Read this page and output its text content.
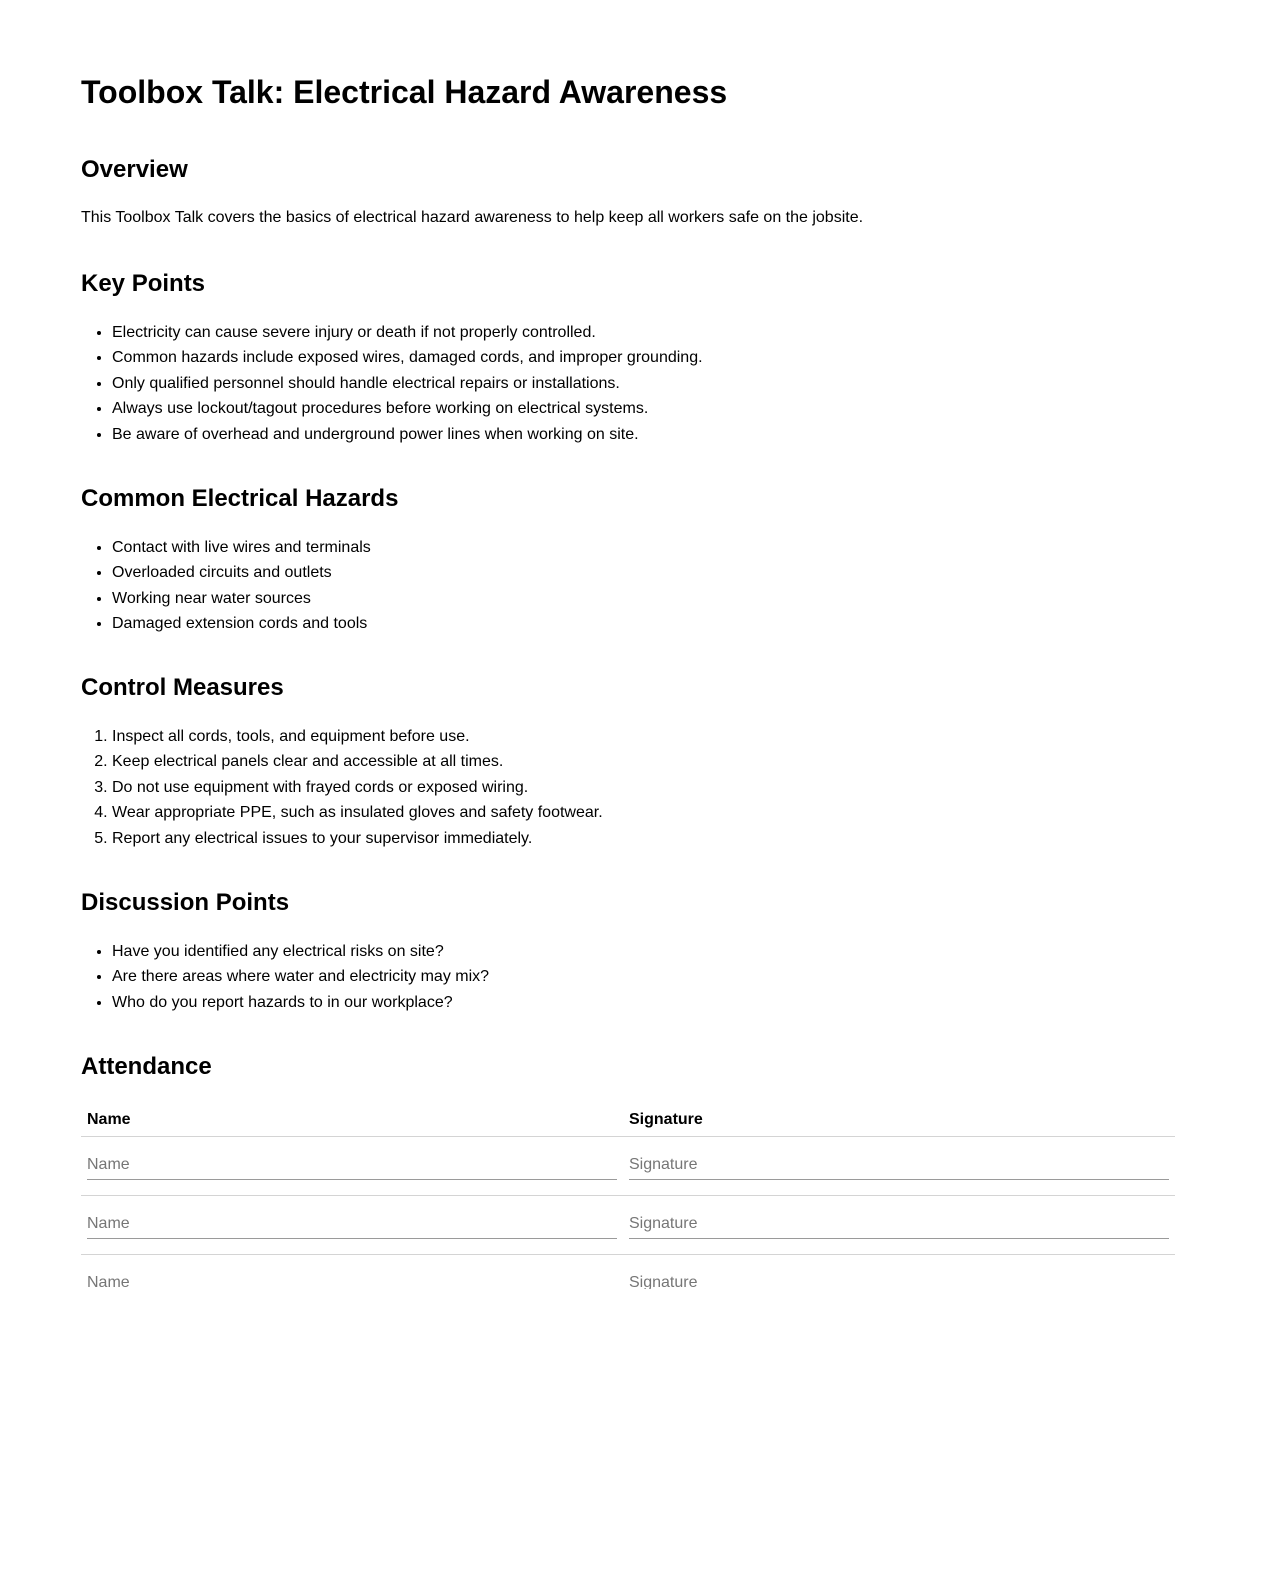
Toolbox Talk: Electrical Hazard Awareness
Overview

This Toolbox Talk covers the basics of electrical hazard awareness to help keep all workers safe on the jobsite.

Key Points
• Electricity can cause severe injury or death if not properly controlled.
• Common hazards include exposed wires, damaged cords, and improper grounding.
• Only qualified personnel should handle electrical repairs or installations.
• Always use lockout/tagout procedures before working on electrical systems.
• Be aware of overhead and underground power lines when working on site.
Common Electrical Hazards
• Contact with live wires and terminals
• Overloaded circuits and outlets
• Working near water sources
• Damaged extension cords and tools
Control Measures
1. Inspect all cords, tools, and equipment before use.
2. Keep electrical panels clear and accessible at all times.
3. Do not use equipment with frayed cords or exposed wiring.
4. Wear appropriate PPE, such as insulated gloves and safety footwear.
5. Report any electrical issues to your supervisor immediately.
Discussion Points
• Have you identified any electrical risks on site?
• Are there areas where water and electricity may mix?
• Who do you report hazards to in our workplace?
Attendance
Name	Signature
Name	Signature
Name	Signature
Name	Signature
